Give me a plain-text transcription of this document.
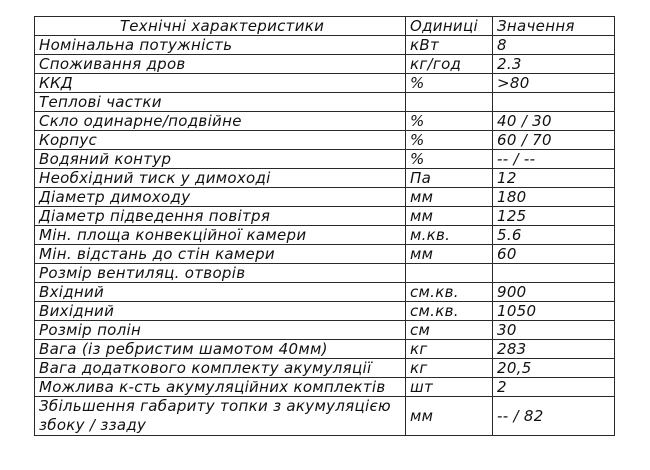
Технічні характеристики	Одиниці	Значення
Номінальна потужність	кВт	8
Споживання дров	кг/год	2.3
ККД	%	>80
Теплові частки		
Скло одинарне/подвійне	%	40 / 30
Корпус	%	60 / 70
Водяний контур	%	-- / --
Необхідний тиск у димоході	Па	12
Діаметр димоходу	мм	180
Діаметр підведення повітря	мм	125
Мін. площа конвекційної камери	м.кв.	5.6
Мін. відстань до стін камери	мм	60
Розмір вентиляц. отворів		
Вхідний	см.кв.	900
Вихідний	см.кв.	1050
Розмір полін	см	30
Вага (із ребристим шамотом 40мм)	кг	283
Вага додаткового комплекту акумуляції	кг	20,5
Можлива к-сть акумуляційних комплектів	шт	2
Збільшення габариту топки з акумуляцією збоку / ззаду	мм	-- / 82
